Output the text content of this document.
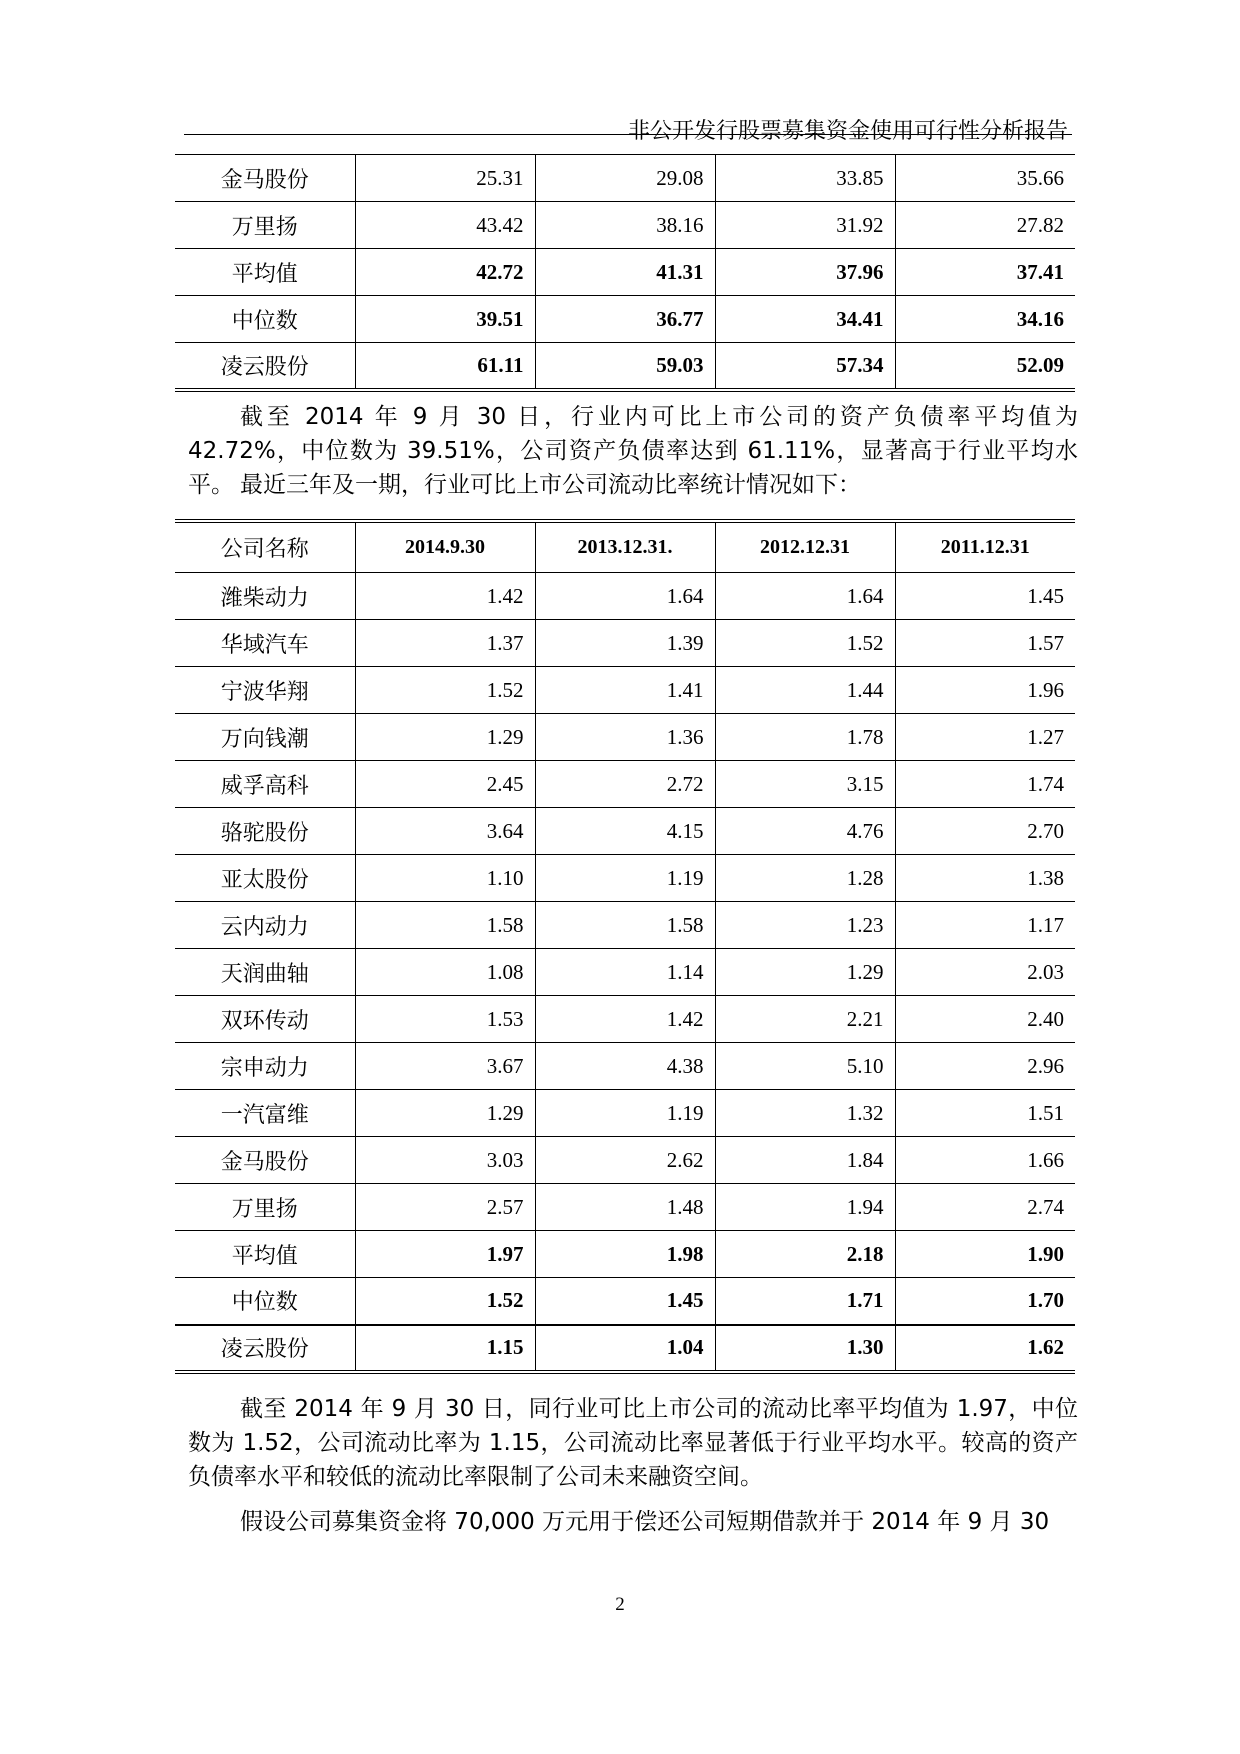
非公开发行股票募集资金使用可行性分析报告
金马股份	25.31	29.08	33.85	35.66
万里扬	43.42	38.16	31.92	27.82
平均值	42.72	41.31	37.96	37.41
中位数	39.51	36.77	34.41	34.16
凌云股份	61.11	59.03	57.34	52.09

截至 2014 年 9 月 30 日，行业内可比上市公司的资产负债率平均值为 42.72%，中位数为 39.51%，公司资产负债率达到 61.11%，显著高于行业平均水平。 最近三年及一期，行业可比上市公司流动比率统计情况如下：

公司名称	2014.9.30	2013.12.31.	2012.12.31	2011.12.31
潍柴动力	1.42	1.64	1.64	1.45
华域汽车	1.37	1.39	1.52	1.57
宁波华翔	1.52	1.41	1.44	1.96
万向钱潮	1.29	1.36	1.78	1.27
威孚高科	2.45	2.72	3.15	1.74
骆驼股份	3.64	4.15	4.76	2.70
亚太股份	1.10	1.19	1.28	1.38
云内动力	1.58	1.58	1.23	1.17
天润曲轴	1.08	1.14	1.29	2.03
双环传动	1.53	1.42	2.21	2.40
宗申动力	3.67	4.38	5.10	2.96
一汽富维	1.29	1.19	1.32	1.51
金马股份	3.03	2.62	1.84	1.66
万里扬	2.57	1.48	1.94	2.74
平均值	1.97	1.98	2.18	1.90
中位数	1.52	1.45	1.71	1.70
凌云股份	1.15	1.04	1.30	1.62

截至 2014 年 9 月 30 日，同行业可比上市公司的流动比率平均值为 1.97，中位数为 1.52，公司流动比率为 1.15，公司流动比率显著低于行业平均水平。较高的资产负债率水平和较低的流动比率限制了公司未来融资空间。

假设公司募集资金将 70,000 万元用于偿还公司短期借款并于 2014 年 9 月 30

2
